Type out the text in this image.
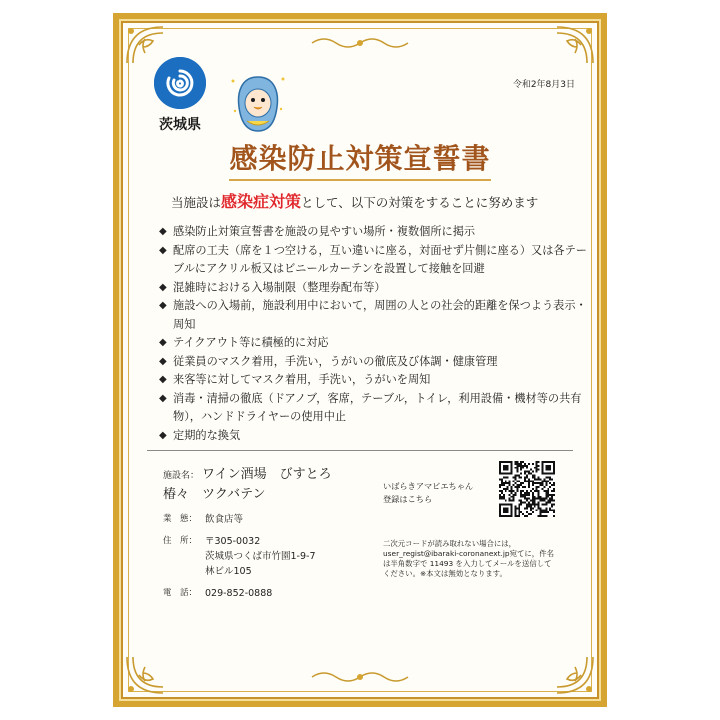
茨城県
令和2年8月3日
感染防止対策宣誓書
当施設は感染症対策として、以下の対策をすることに努めます
◆ 感染防止対策宣誓書を施設の見やすい場所・複数個所に掲示
◆ 配席の工夫（席を１つ空ける，互い違いに座る，対面せず片側に座る）又は各テーブルにアクリル板又はビニールカーテンを設置して接触を回避
◆ 混雑時における入場制限（整理券配布等）
◆ 施設への入場前，施設利用中において，周囲の人との社会的距離を保つよう表示・周知
◆ テイクアウト等に積極的に対応
◆ 従業員のマスク着用，手洗い，うがいの徹底及び体調・健康管理
◆ 来客等に対してマスク着用，手洗い，うがいを周知
◆ 消毒・清掃の徹底（ドアノブ，客席，テーブル，トイレ，利用設備・機材等の共有物），ハンドドライヤーの使用中止
◆ 定期的な換気
施設名： ワイン酒場　びすとろ
椿々　ツクバテン
いばらきアマビエちゃん
登録はこちら
業　態： 飲食店等
住　所： 〒305-0032
茨城県つくば市竹園1-9-7
林ビル105
電　話： 029-852-0888
二次元コードが読み取れない場合には，
user_regist@ibaraki-coronanext.jp宛てに，件名
は半角数字で 11493 を入力してメールを送信して
ください。※本文は無効となります。
